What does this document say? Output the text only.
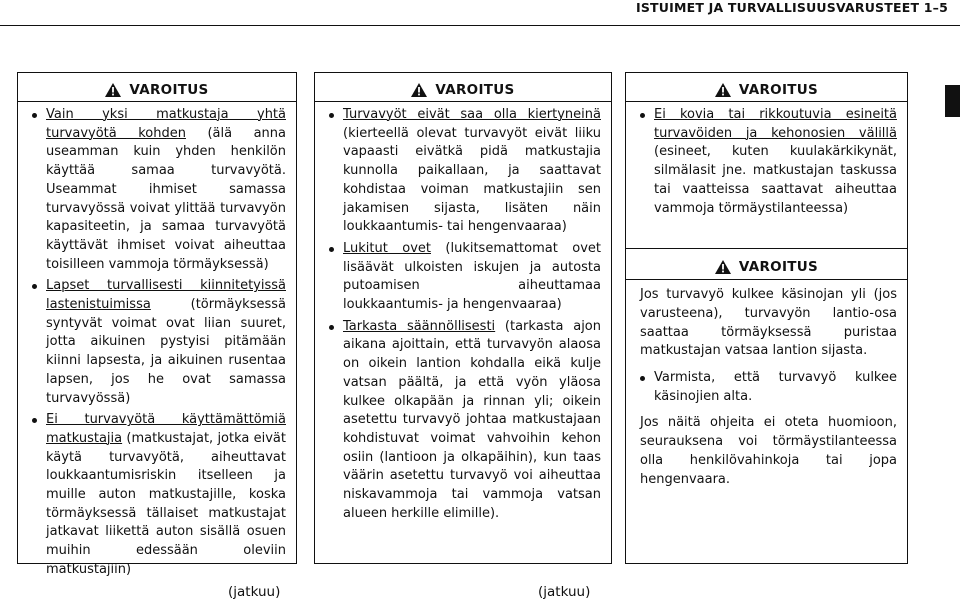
ISTUIMET JA TURVALLISUUSVARUSTEET 1–5
VAROITUS
Vain yksi matkustaja yhtä turvavyötä kohden (älä anna useamman kuin yhden henkilön käyttää samaa turvavyötä. Useammat ihmiset samassa turvavyössä voivat ylittää turvavyön kapasiteetin, ja samaa turvavyötä käyttävät ihmiset voivat aiheuttaa toisilleen vammoja törmäyksessä)
Lapset turvallisesti kiinnitetyissä lastenistuimissa (törmäyksessä syntyvät voimat ovat liian suuret, jotta aikuinen pystyisi pitämään kiinni lapsesta, ja aikuinen rusentaa lapsen, jos he ovat samassa turvavyössä)
Ei turvavyötä käyttämättömiä matkustajia (matkustajat, jotka eivät käytä turvavyötä, aiheuttavat loukkaantumisriskin itselleen ja muille auton matkustajille, koska törmäyksessä tällaiset matkustajat jatkavat liikettä auton sisällä osuen muihin edessään oleviin matkustajiin)
VAROITUS
Turvavyöt eivät saa olla kiertyneinä (kierteellä olevat turvavyöt eivät liiku vapaasti eivätkä pidä matkustajia kunnolla paikallaan, ja saattavat kohdistaa voiman matkustajiin sen jakamisen sijasta, lisäten näin loukkaantumis- tai hengenvaaraa)
Lukitut ovet (lukitsemattomat ovet lisäävät ulkoisten iskujen ja autosta putoamisen aiheuttamaa loukkaantumis- ja hengenvaaraa)
Tarkasta säännöllisesti (tarkasta ajon aikana ajoittain, että turvavyön alaosa on oikein lantion kohdalla eikä kulje vatsan päältä, ja että vyön yläosa kulkee olkapään ja rinnan yli; oikein asetettu turvavyö johtaa matkustajaan kohdistuvat voimat vahvoihin kehon osiin (lantioon ja olkapäihin), kun taas väärin asetettu turvavyö voi aiheuttaa niskavammoja tai vammoja vatsan alueen herkille elimille).
VAROITUS
Ei kovia tai rikkoutuvia esineitä turvavöiden ja kehonosien välillä (esineet, kuten kuulakärkikynät, silmälasit jne. matkustajan taskussa tai vaatteissa saattavat aiheuttaa vammoja törmäystilanteessa)
VAROITUS

Jos turvavyö kulkee käsinojan yli (jos varusteena), turvavyön lantio-osa saattaa törmäyksessä puristaa matkustajan vatsaa lantion sijasta.

Varmista, että turvavyö kulkee käsinojien alta.

Jos näitä ohjeita ei oteta huomioon, seurauksena voi törmäystilanteessa olla henkilövahinkoja tai jopa hengenvaara.

(jatkuu)	(jatkuu)
